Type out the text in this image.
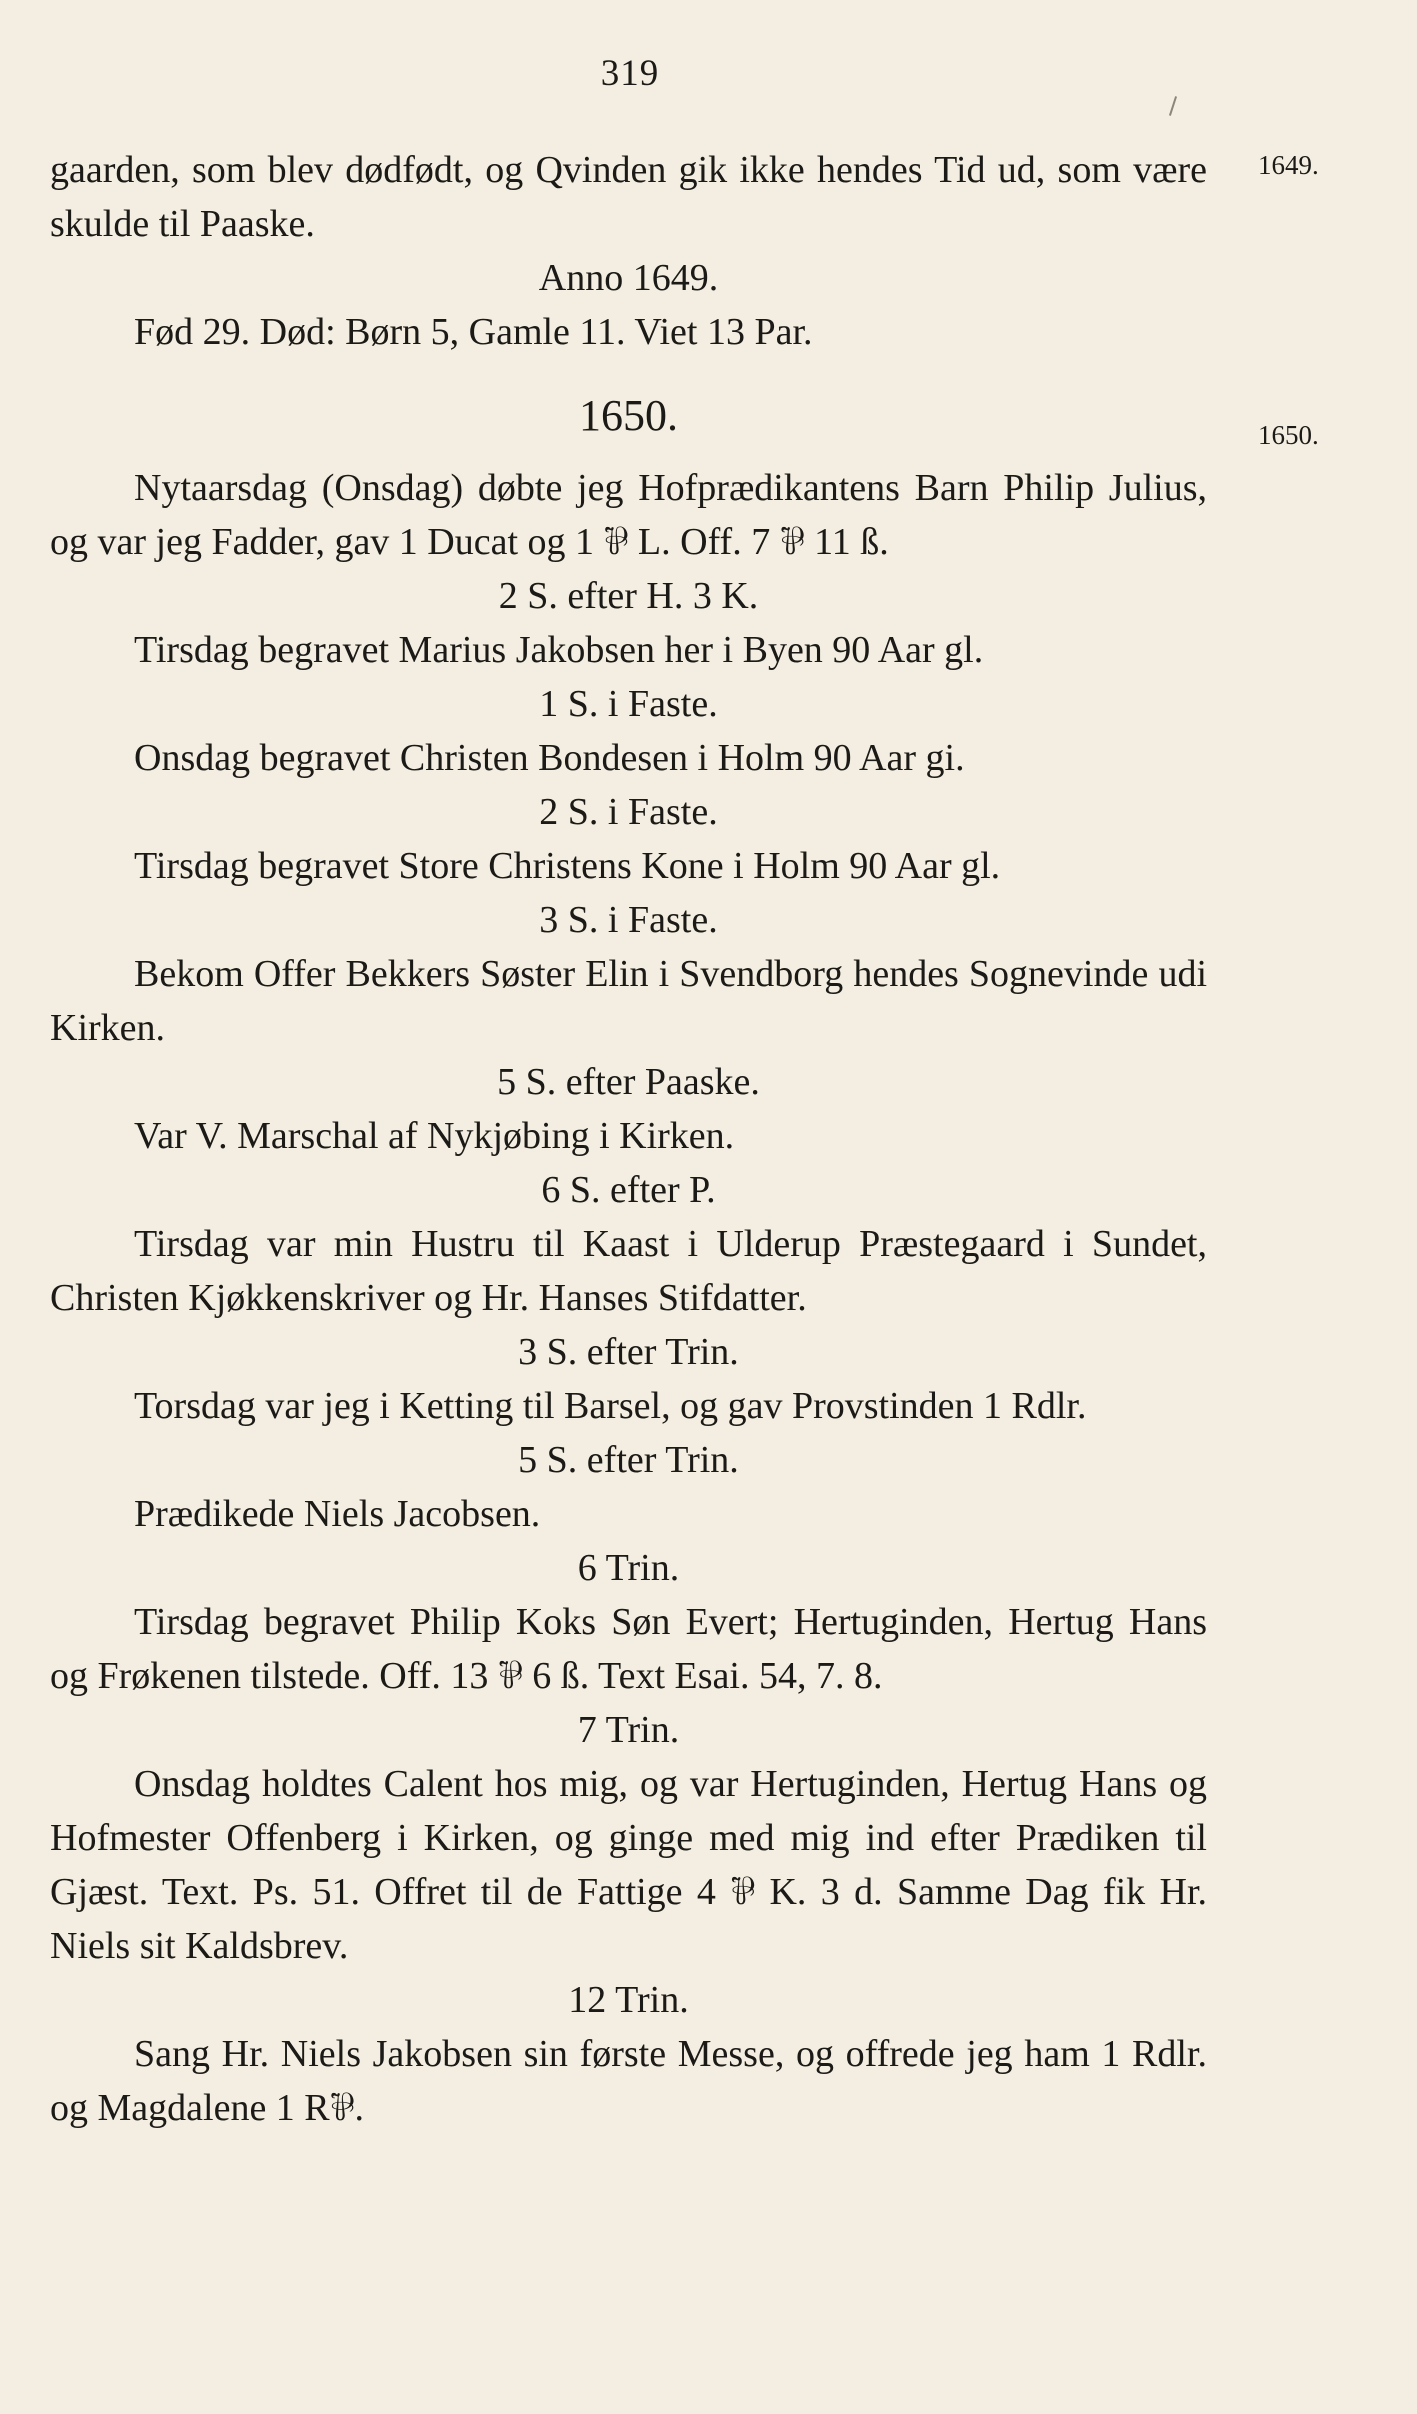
319
1649.
1650.

gaarden, som blev dødfødt, og Qvinden gik ikke hendes Tid ud, som være skulde til Paaske.

Anno 1649.

Fød 29. Død: Børn 5, Gamle 11. Viet 13 Par.

1650.

Nytaarsdag (Onsdag) døbte jeg Hofprædikantens Barn Philip Julius, og var jeg Fadder, gav 1 Ducat og 1 ⅌ L. Off. 7 ⅌ 11 ß.

2 S. efter H. 3 K.

Tirsdag begravet Marius Jakobsen her i Byen 90 Aar gl.

1 S. i Faste.

Onsdag begravet Christen Bondesen i Holm 90 Aar gi.

2 S. i Faste.

Tirsdag begravet Store Christens Kone i Holm 90 Aar gl.

3 S. i Faste.

Bekom Offer Bekkers Søster Elin i Svendborg hendes Sognevinde udi Kirken.

5 S. efter Paaske.

Var V. Marschal af Nykjøbing i Kirken.

6 S. efter P.

Tirsdag var min Hustru til Kaast i Ulderup Præstegaard i Sundet, Christen Kjøkkenskriver og Hr. Hanses Stifdatter.

3 S. efter Trin.

Torsdag var jeg i Ketting til Barsel, og gav Provstinden 1 Rdlr.

5 S. efter Trin.

Prædikede Niels Jacobsen.

6 Trin.

Tirsdag begravet Philip Koks Søn Evert; Hertuginden, Hertug Hans og Frøkenen tilstede. Off. 13 ⅌ 6 ß. Text Esai. 54, 7. 8.

7 Trin.

Onsdag holdtes Calent hos mig, og var Hertuginden, Hertug Hans og Hofmester Offenberg i Kirken, og ginge med mig ind efter Prædiken til Gjæst. Text. Ps. 51. Offret til de Fattige 4 ⅌ K. 3 d. Samme Dag fik Hr. Niels sit Kaldsbrev.

12 Trin.

Sang Hr. Niels Jakobsen sin første Messe, og offrede jeg ham 1 Rdlr. og Magdalene 1 R⅌.
